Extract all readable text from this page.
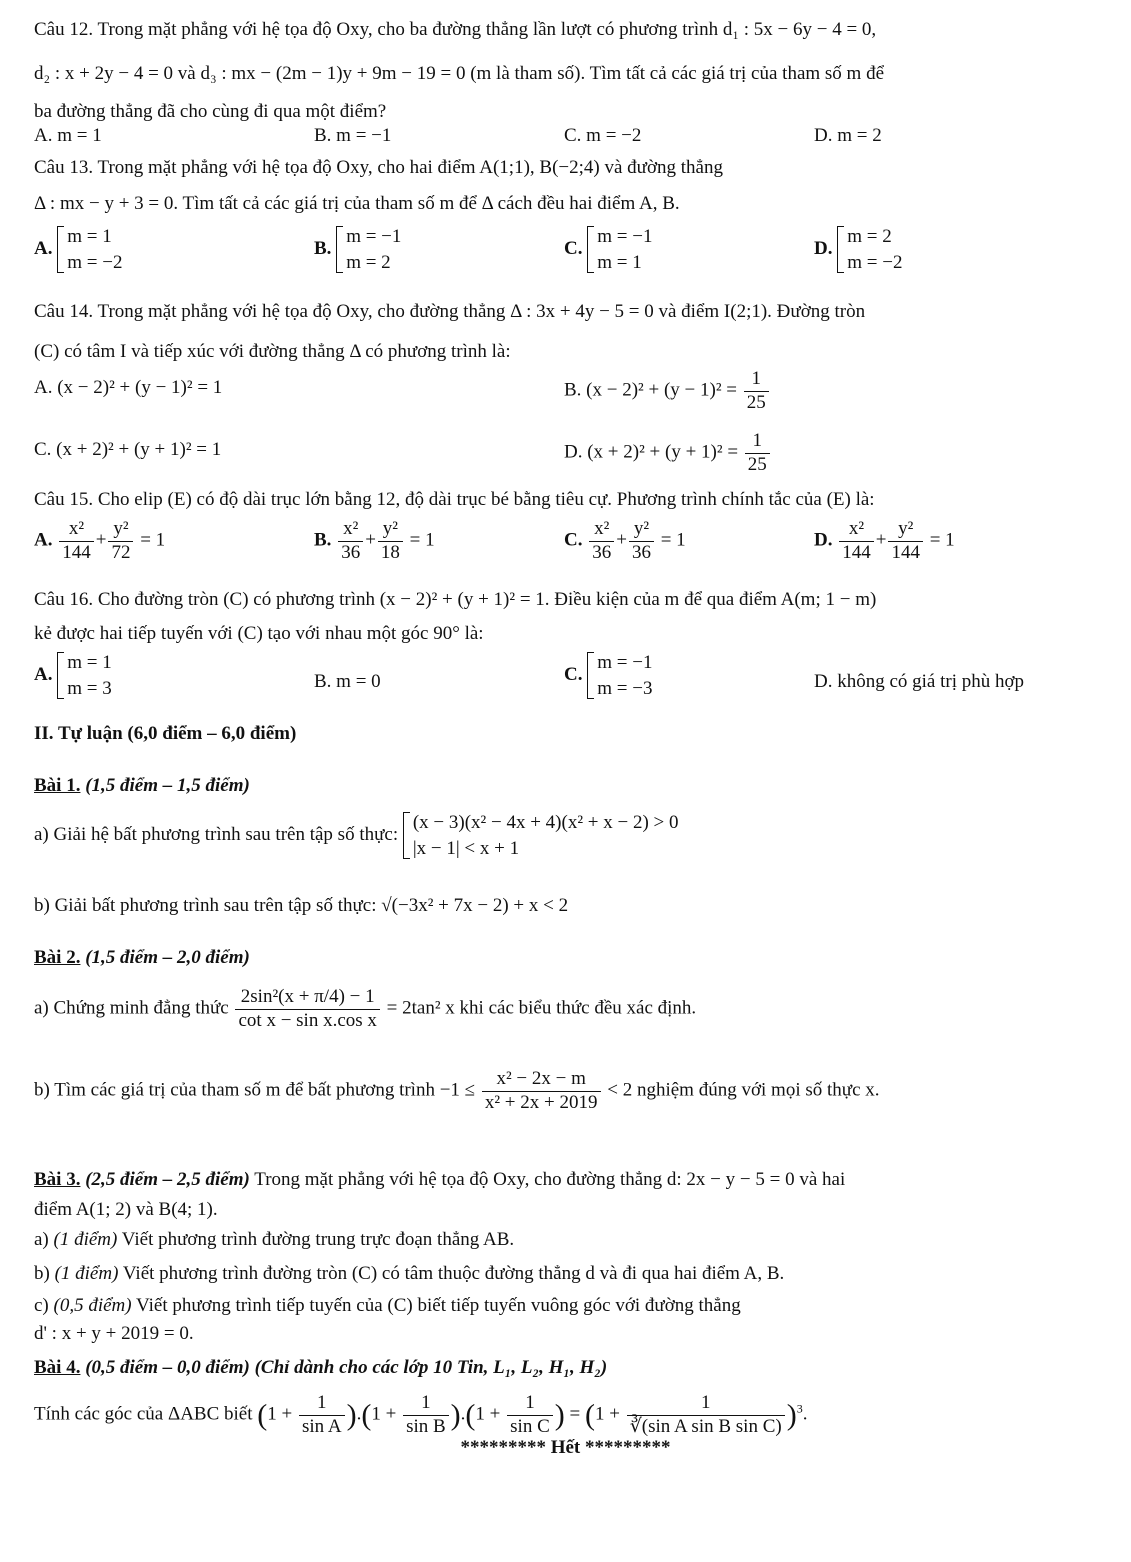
Câu 12. Trong mặt phẳng với hệ tọa độ Oxy, cho ba đường thẳng lần lượt có phương trình d₁ : 5x − 6y − 4 = 0,
d₂ : x + 2y − 4 = 0 và d₃ : mx − (2m − 1)y + 9m − 19 = 0 (m là tham số). Tìm tất cả các giá trị của tham số m để
ba đường thẳng đã cho cùng đi qua một điểm?
A. m = 1	B. m = −1	C. m = −2	D. m = 2
Câu 13. Trong mặt phẳng với hệ tọa độ Oxy, cho hai điểm A(1;1), B(−2;4) và đường thẳng
Δ : mx − y + 3 = 0. Tìm tất cả các giá trị của tham số m để Δ cách đều hai điểm A, B.
A.
m = 1
m = −2
B.
m = −1
m = 2
C.
m = −1
m = 1
D.
m = 2
m = −2
Câu 14. Trong mặt phẳng với hệ tọa độ Oxy, cho đường thẳng Δ : 3x + 4y − 5 = 0 và điểm I(2;1). Đường tròn
(C) có tâm I và tiếp xúc với đường thẳng Δ có phương trình là:
A. (x − 2)² + (y − 1)² = 1	B. $(x - 2)^2 + (y - 1)^2 = \frac{1}{25}$
C. (x + 2)² + (y + 1)² = 1	D. $(x + 2)^2 + (y + 1)^2 = \frac{1}{25}$
Câu 15. Cho elip (E) có độ dài trục lớn bằng 12, độ dài trục bé bằng tiêu cự. Phương trình chính tắc của (E) là:
A. $\frac{\text{x²}}{144} + \frac{\text{y²}}{72} = 1$	B. $\frac{\text{x²}}{36} + \frac{\text{y²}}{18} = 1$	C. $\frac{\text{x²}}{36} + \frac{\text{y²}}{36} = 1$	D. $\frac{\text{x²}}{144} + \frac{\text{y²}}{144} = 1$
Câu 16. Cho đường tròn (C) có phương trình (x − 2)² + (y + 1)² = 1. Điều kiện của m để qua điểm A(m; 1 − m)
kẻ được hai tiếp tuyến với (C) tạo với nhau một góc 90° là:
A.
m = 1
m = 3	B. m = 0	C.
m = −1
m = −3	D. không có giá trị phù hợp
II. Tự luận (6,0 điểm – 6,0 điểm)
Bài 1. (1,5 điểm – 1,5 điểm)
a) Giải hệ bất phương trình sau trên tập số thực:
(x − 3)(x² − 4x + 4)(x² + x − 2) > 0
|x − 1| < x + 1
b) Giải bất phương trình sau trên tập số thực: √(−3x² + 7x − 2) + x < 2
Bài 2. (1,5 điểm – 2,0 điểm)
a) Chứng minh đẳng thức $\frac{\text{2sin²(x + π/4) − 1}}{\text{cot x − sin x.cos x}} = 2\tan^2$ x khi các biểu thức đều xác định.
b) Tìm các giá trị của tham số m để bất phương trình $-1 \le \frac{\text{x² − 2x − m}}{\text{x² + 2x + 2019}} < 2$ nghiệm đúng với mọi số thực x.
Bài 3. (2,5 điểm – 2,5 điểm) Trong mặt phẳng với hệ tọa độ Oxy, cho đường thẳng d: 2x − y − 5 = 0 và hai
điểm A(1; 2) và B(4; 1).
a) (1 điểm) Viết phương trình đường trung trực đoạn thẳng AB.
b) (1 điểm) Viết phương trình đường tròn (C) có tâm thuộc đường thẳng d và đi qua hai điểm A, B.
c) (0,5 điểm) Viết phương trình tiếp tuyến của (C) biết tiếp tuyến vuông góc với đường thẳng
d' : x + y + 2019 = 0.
Bài 4. (0,5 điểm – 0,0 điểm) (Chỉ dành cho các lớp 10 Tin, L₁, L₂, H₁, H₂)
Tính các góc của ΔABC biết $(1 + \frac{1}{\text{sin A}} ).(1 + \frac{1}{\text{sin B}} ).(1 + \frac{1}{\text{sin C}}$ ) = $(1 + \frac{1}{\text{∛(sin A sin B sin C)}} )^3$.
********* Hết *********
